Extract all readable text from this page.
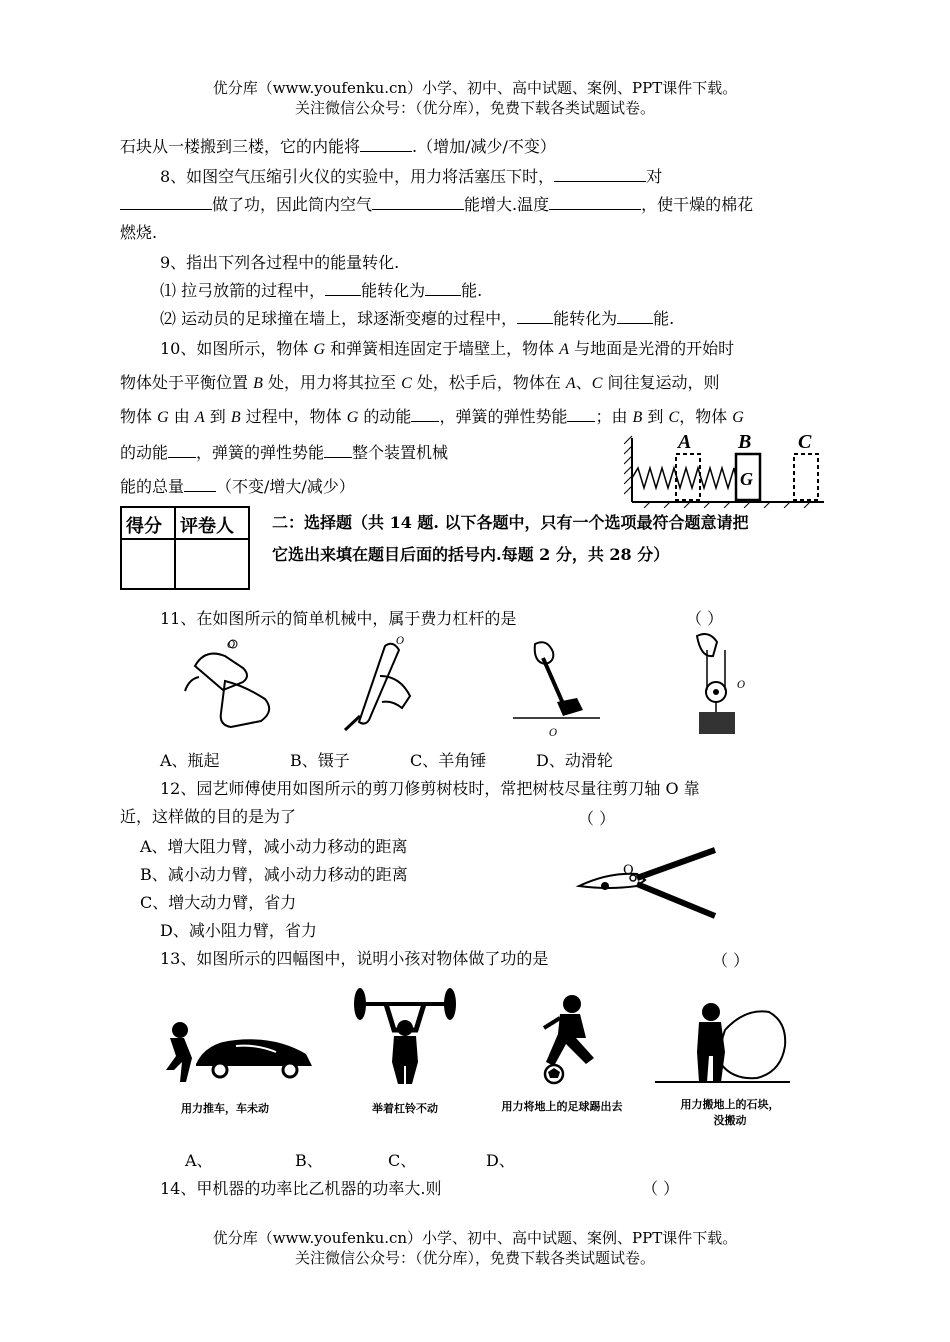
优分库（www.youfenku.cn）小学、初中、高中试题、案例、PPT课件下载。
关注微信公众号：（优分库），免费下载各类试题试卷。
石块从一楼搬到三楼，它的内能将	.（增加/减少/不变）
8、如图空气压缩引火仪的实验中，用力将活塞压下时，	对
做了功，因此筒内空气	能增大.温度	，使干燥的棉花
燃烧.
9、指出下列各过程中的能量转化.
⑴ 拉弓放箭的过程中， 能转化为 能.
⑵ 运动员的足球撞在墙上，球逐渐变瘪的过程中， 能转化为 能.
10、如图所示，物体 G 和弹簧相连固定于墙壁上，物体 A 与地面是光滑的开始时
物体处于平衡位置 B 处，用力将其拉至 C 处，松手后，物体在 A、C 间往复运动，则
物体 G 由 A 到 B 过程中，物体 G 的动能 ，弹簧的弹性势能 ；由 B 到 C，物体 G
的动能 ，弹簧的弹性势能 整个装置机械
能的总量 （不变/增大/减少）
A B C
G
得分 评卷人 二：选择题（共 14 题. 以下各题中，只有一个选项最符合题意请把
它选出来填在题目后面的括号内.每题 2 分，共 28 分）
11、在如图所示的简单机械中，属于费力杠杆的是	（ ）
O	O
O
O
A、瓶起	B、镊子	C、羊角锤	D、动滑轮
12、园艺师傅使用如图所示的剪刀修剪树枝时，常把树枝尽量往剪刀轴 O 靠
近，这样做的目的是为了	（ ）
A、增大阻力臂，减小动力移动的距离
B、减小动力臂，减小动力移动的距离
C、增大动力臂，省力
D、减小阻力臂，省力
O
13、如图所示的四幅图中，说明小孩对物体做了功的是	（ ）
用力推车，车未动	举着杠铃不动	用力将地上的足球踢出去	用力搬地上的石块，
没搬动
A、	B、	C、	D、
14、甲机器的功率比乙机器的功率大.则	（ ）
优分库（www.youfenku.cn）小学、初中、高中试题、案例、PPT课件下载。
关注微信公众号：（优分库），免费下载各类试题试卷。
